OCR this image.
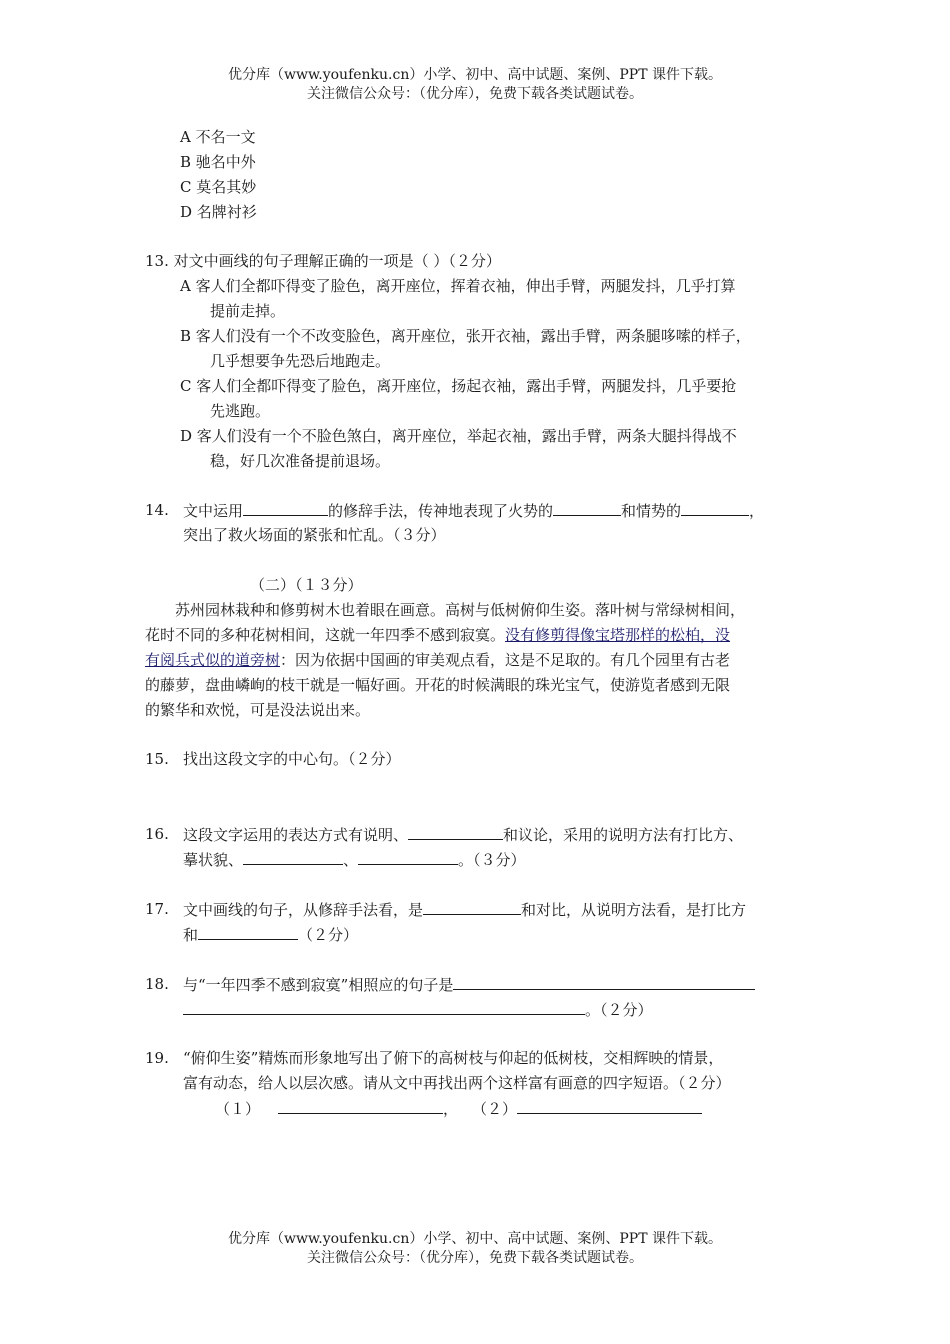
优分库（www.youfenku.cn）小学、初中、高中试题、案例、PPT 课件下载。
关注微信公众号：（优分库），免费下载各类试题试卷。
A 不名一文
B 驰名中外
C 莫名其妙
D 名牌衬衫
13. 对文中画线的句子理解正确的一项是（ ）（２分）
A 客人们全都吓得变了脸色，离开座位，挥着衣袖，伸出手臂，两腿发抖，几乎打算
提前走掉。
B 客人们没有一个不改变脸色，离开座位，张开衣袖，露出手臂，两条腿哆嗦的样子，
几乎想要争先恐后地跑走。
C 客人们全都吓得变了脸色，离开座位，扬起衣袖，露出手臂，两腿发抖，几乎要抢
先逃跑。
D 客人们没有一个不脸色煞白，离开座位，举起衣袖，露出手臂，两条大腿抖得战不
稳，好几次准备提前退场。
14. 文中运用	的修辞手法，传神地表现了火势的	和情势的	，
突出了救火场面的紧张和忙乱。（３分）
（二）（１３分）
苏州园林栽种和修剪树木也着眼在画意。高树与低树俯仰生姿。落叶树与常绿树相间，
花时不同的多种花树相间，这就一年四季不感到寂寞。没有修剪得像宝塔那样的松柏，没
有阅兵式似的道旁树：因为依据中国画的审美观点看，这是不足取的。有几个园里有古老
的藤萝，盘曲嶙峋的枝干就是一幅好画。开花的时候满眼的珠光宝气，使游览者感到无限
的繁华和欢悦，可是没法说出来。
15. 找出这段文字的中心句。（２分）
16. 这段文字运用的表达方式有说明、	和议论，采用的说明方法有打比方、
摹状貌、	、	。（３分）
17. 文中画线的句子，从修辞手法看，是	和对比，从说明方法看，是打比方
和	（２分）
18. 与“一年四季不感到寂寞”相照应的句子是
。（２分）
19. “俯仰生姿”精炼而形象地写出了俯下的高树枝与仰起的低树枝，交相辉映的情景，
富有动态，给人以层次感。请从文中再找出两个这样富有画意的四字短语。（２分）
（１）	， （２）
优分库（www.youfenku.cn）小学、初中、高中试题、案例、PPT 课件下载。
关注微信公众号：（优分库），免费下载各类试题试卷。
